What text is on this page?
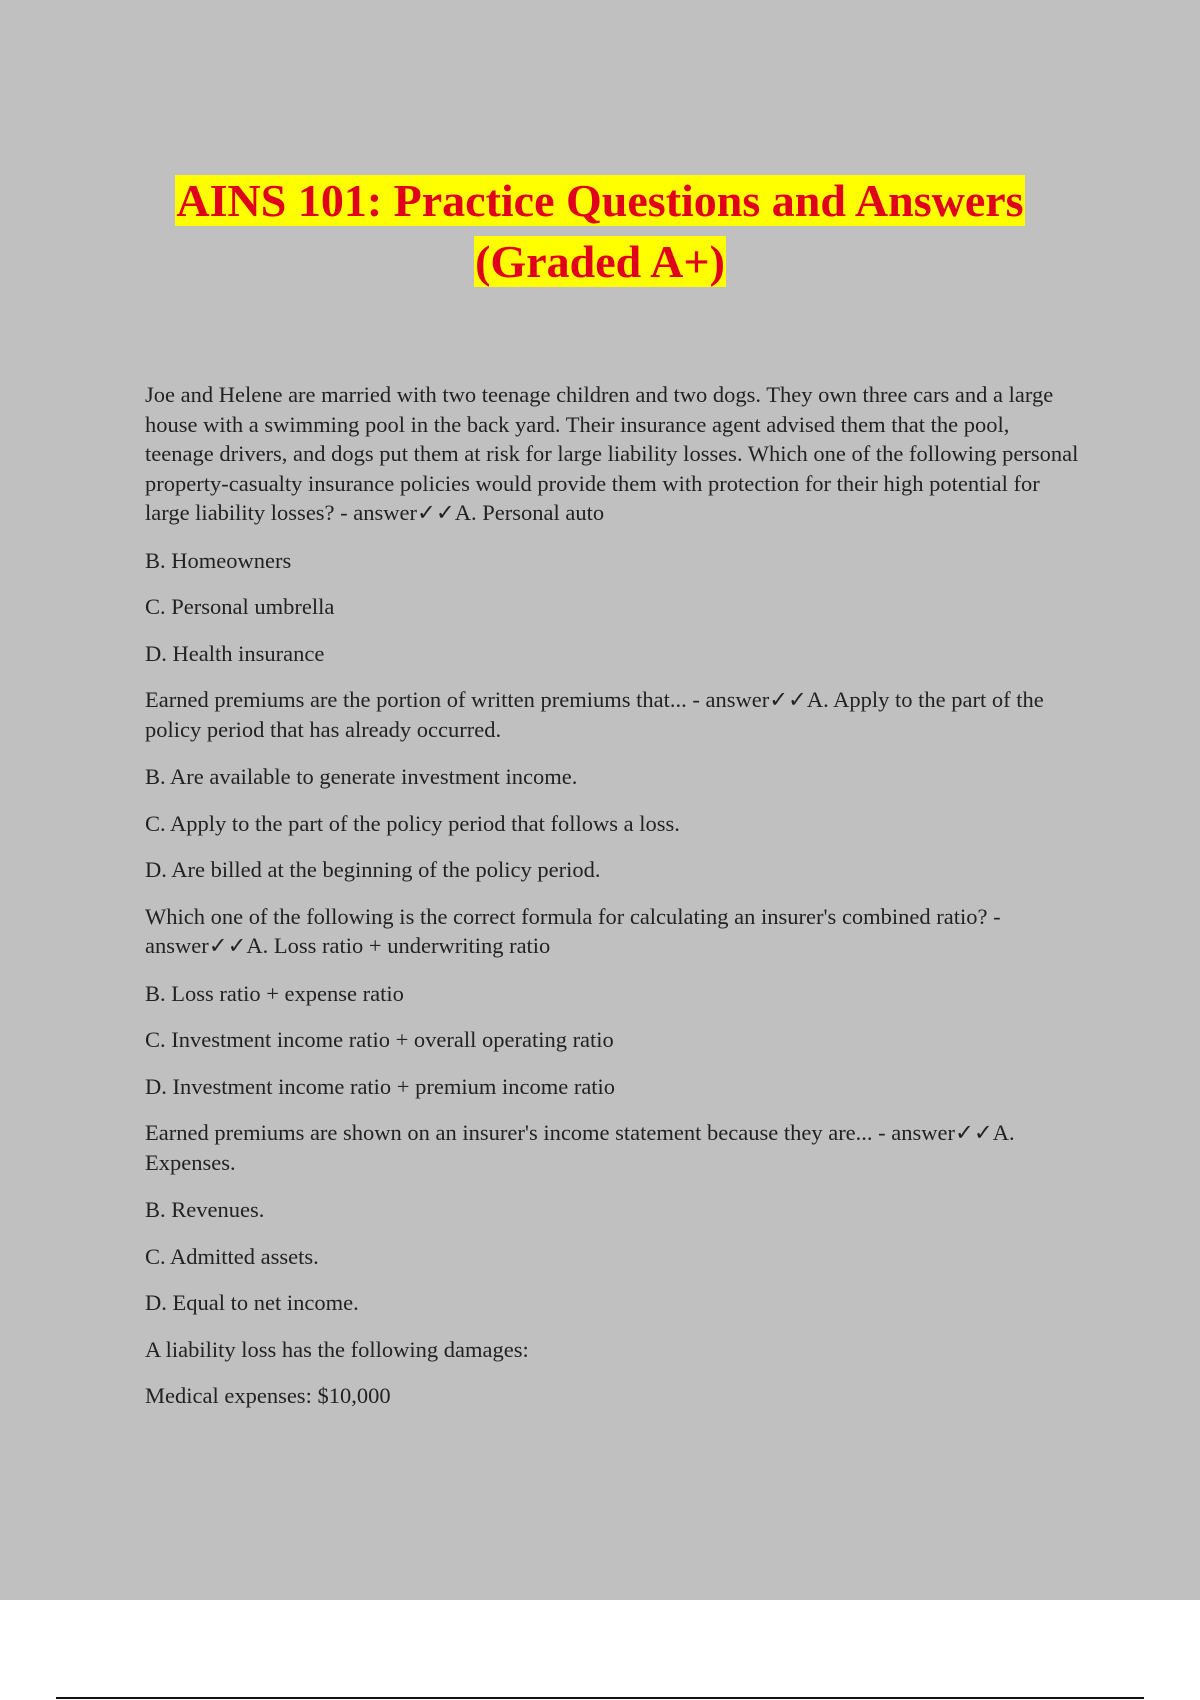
AINS 101: Practice Questions and Answers
(Graded A+)

Joe and Helene are married with two teenage children and two dogs. They own three cars and a large house with a swimming pool in the back yard. Their insurance agent advised them that the pool, teenage drivers, and dogs put them at risk for large liability losses. Which one of the following personal property-casualty insurance policies would provide them with protection for their high potential for large liability losses? - answer✓✓A. Personal auto

B. Homeowners

C. Personal umbrella

D. Health insurance

Earned premiums are the portion of written premiums that... - answer✓✓A. Apply to the part of the policy period that has already occurred.

B. Are available to generate investment income.

C. Apply to the part of the policy period that follows a loss.

D. Are billed at the beginning of the policy period.

Which one of the following is the correct formula for calculating an insurer's combined ratio? - answer✓✓A. Loss ratio + underwriting ratio

B. Loss ratio + expense ratio

C. Investment income ratio + overall operating ratio

D. Investment income ratio + premium income ratio

Earned premiums are shown on an insurer's income statement because they are... - answer✓✓A. Expenses.

B. Revenues.

C. Admitted assets.

D. Equal to net income.

A liability loss has the following damages:

Medical expenses: $10,000
